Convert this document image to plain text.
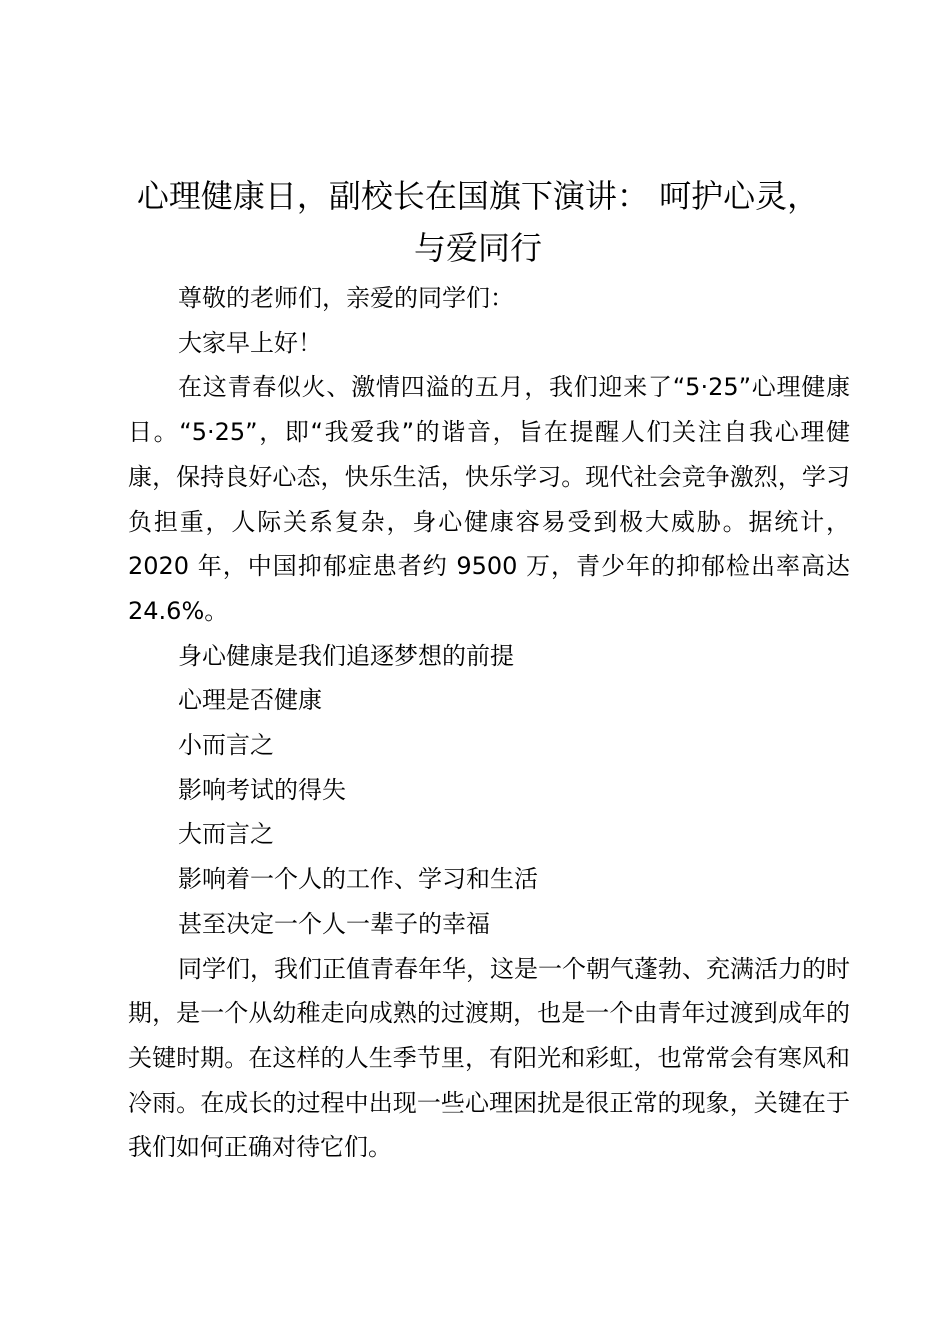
心理健康日，副校长在国旗下演讲： 呵护心灵，与爱同行

尊敬的老师们，亲爱的同学们：

大家早上好！

在这青春似火、激情四溢的五月，我们迎来了“5·25”心理健康日。“5·25”，即“我爱我”的谐音，旨在提醒人们关注自我心理健康，保持良好心态，快乐生活，快乐学习。现代社会竞争激烈，学习负担重，人际关系复杂，身心健康容易受到极大威胁。据统计，2020 年，中国抑郁症患者约 9500 万，青少年的抑郁检出率高达 24.6%。

身心健康是我们追逐梦想的前提

心理是否健康

小而言之

影响考试的得失

大而言之

影响着一个人的工作、学习和生活

甚至决定一个人一辈子的幸福

同学们，我们正值青春年华，这是一个朝气蓬勃、充满活力的时期，是一个从幼稚走向成熟的过渡期，也是一个由青年过渡到成年的关键时期。在这样的人生季节里，有阳光和彩虹，也常常会有寒风和冷雨。在成长的过程中出现一些心理困扰是很正常的现象，关键在于我们如何正确对待它们。
